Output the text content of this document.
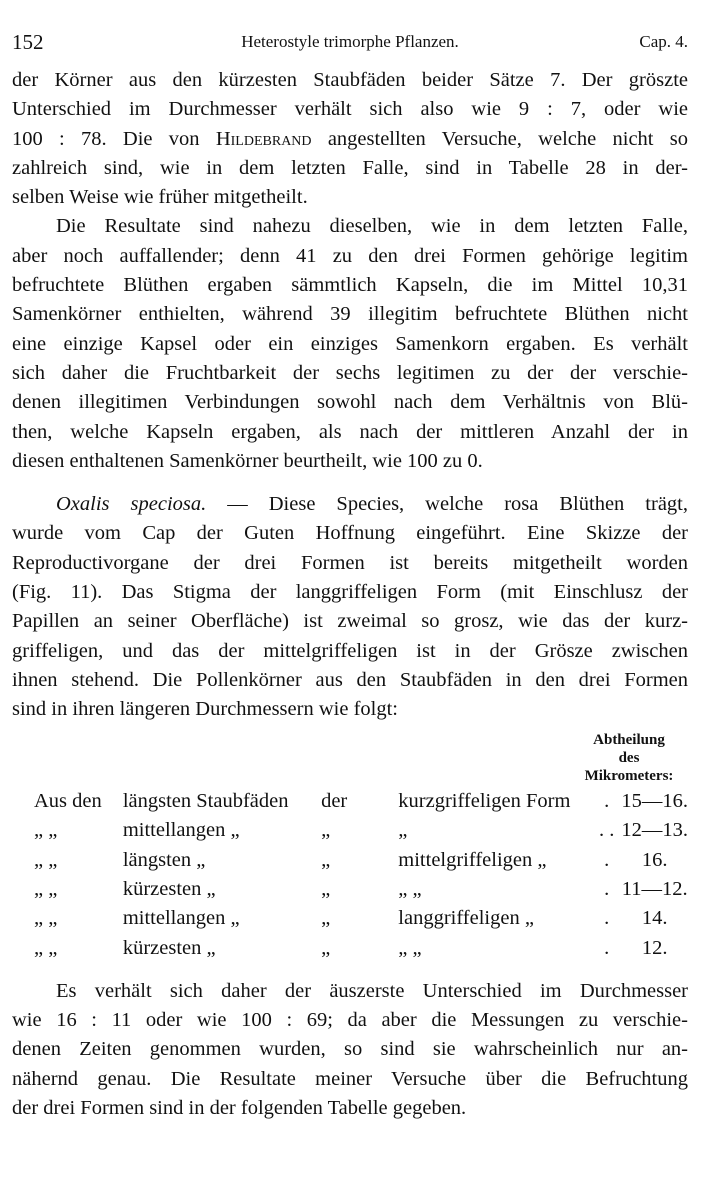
152	Heterostyle trimorphe Pflanzen.	Cap. 4.

der Körner aus den kürzesten Staubfäden beider Sätze 7. Der gröszte
Unterschied im Durchmesser verhält sich also wie 9 : 7, oder wie
100 : 78. Die von Hildebrand angestellten Versuche, welche nicht so
zahlreich sind, wie in dem letzten Falle, sind in Tabelle 28 in der-
selben Weise wie früher mitgetheilt.

Die Resultate sind nahezu dieselben, wie in dem letzten Falle,
aber noch auffallender; denn 41 zu den drei Formen gehörige legitim
befruchtete Blüthen ergaben sämmtlich Kapseln, die im Mittel 10,31
Samenkörner enthielten, während 39 illegitim befruchtete Blüthen nicht
eine einzige Kapsel oder ein einziges Samenkorn ergaben. Es verhält
sich daher die Fruchtbarkeit der sechs legitimen zu der der verschie-
denen illegitimen Verbindungen sowohl nach dem Verhältnis von Blü-
then, welche Kapseln ergaben, als nach der mittleren Anzahl der in
diesen enthaltenen Samenkörner beurtheilt, wie 100 zu 0.

Oxalis speciosa. — Diese Species, welche rosa Blüthen trägt,
wurde vom Cap der Guten Hoffnung eingeführt. Eine Skizze der
Reproductivorgane der drei Formen ist bereits mitgetheilt worden
(Fig. 11). Das Stigma der langgriffeligen Form (mit Einschlusz der
Papillen an seiner Oberfläche) ist zweimal so grosz, wie das der kurz-
griffeligen, und das der mittelgriffeligen ist in der Grösze zwischen
ihnen stehend. Die Pollenkörner aus den Staubfäden in den drei Formen
sind in ihren längeren Durchmessern wie folgt:

Abtheilung
des
Mikrometers:
Aus den	längsten Staubfäden	der	kurzgriffeligen Form	.	15—16.
„ „	mittellangen „	„	„	. .	12—13.
„ „	längsten „	„	mittelgriffeligen „	.	16.
„ „	kürzesten „	„	„ „	.	11—12.
„ „	mittellangen „	„	langgriffeligen „	.	14.
„ „	kürzesten „	„	„ „	.	12.

Es verhält sich daher der äuszerste Unterschied im Durchmesser
wie 16 : 11 oder wie 100 : 69; da aber die Messungen zu verschie-
denen Zeiten genommen wurden, so sind sie wahrscheinlich nur an-
nähernd genau. Die Resultate meiner Versuche über die Befruchtung
der drei Formen sind in der folgenden Tabelle gegeben.
